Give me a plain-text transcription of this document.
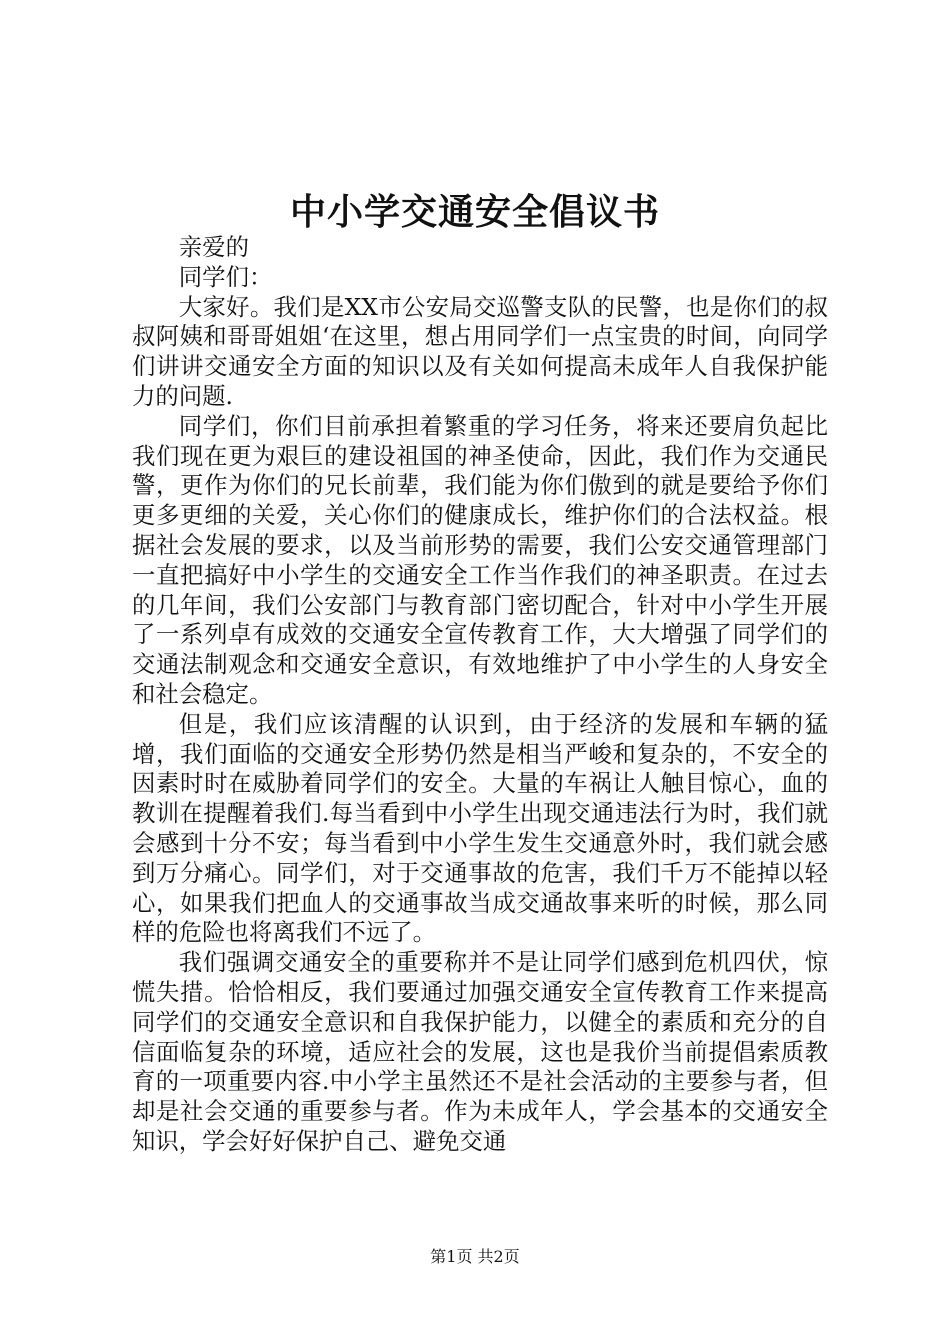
中小学交通安全倡议书

亲爱的

同学们：

大家好。我们是XX市公安局交巡警支队的民警，也是你们的叔叔阿姨和哥哥姐姐‘在这里，想占用同学们一点宝贵的时间，向同学们讲讲交通安全方面的知识以及有关如何提高未成年人自我保护能力的问题.

同学们，你们目前承担着繁重的学习任务，将来还要肩负起比我们现在更为艰巨的建设祖国的神圣使命，因此，我们作为交通民警，更作为你们的兄长前辈，我们能为你们傲到的就是要给予你们更多更细的关爱，关心你们的健康成长，维护你们的合法权益。根据社会发展的要求，以及当前形势的需要，我们公安交通管理部门一直把搞好中小学生的交通安全工作当作我们的神圣职责。在过去的几年间，我们公安部门与教育部门密切配合，针对中小学生开展了一系列卓有成效的交通安全宣传教育工作，大大增强了同学们的交通法制观念和交通安全意识，有效地维护了中小学生的人身安全和社会稳定。

但是，我们应该清醒的认识到，由于经济的发展和车辆的猛增，我们面临的交通安全形势仍然是相当严峻和复杂的，不安全的因素时时在威胁着同学们的安全。大量的车祸让人触目惊心，血的教训在提醒着我们.每当看到中小学生出现交通违法行为时，我们就会感到十分不安；每当看到中小学生发生交通意外时，我们就会感到万分痛心。同学们，对于交通事故的危害，我们千万不能掉以轻心，如果我们把血人的交通事故当成交通故事来听的时候，那么同样的危险也将离我们不远了。

我们强调交通安全的重要称并不是让同学们感到危机四伏，惊慌失措。恰恰相反，我们要通过加强交通安全宣传教育工作来提高同学们的交通安全意识和自我保护能力，以健全的素质和充分的自信面临复杂的环境，适应社会的发展，这也是我价当前提倡索质教育的一项重要内容.中小学主虽然还不是社会活动的主要参与者，但却是社会交通的重要参与者。作为未成年人，学会基本的交通安全知识，学会好好保护自己、避免交通

第1页 共2页
